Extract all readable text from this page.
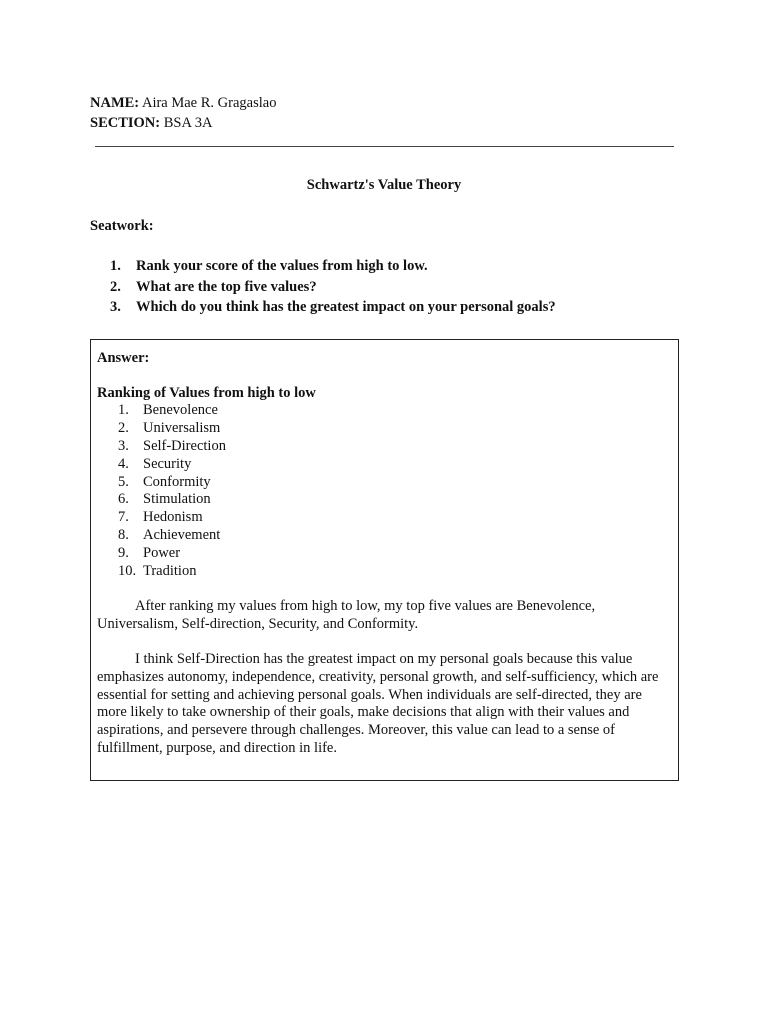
NAME: Aira Mae R. Gragaslao
SECTION: BSA 3A
Schwartz's Value Theory
Seatwork:
1. Rank your score of the values from high to low.
2. What are the top five values?
3. Which do you think has the greatest impact on your personal goals?
Answer:
Ranking of Values from high to low
1. Benevolence
2. Universalism
3. Self-Direction
4. Security
5. Conformity
6. Stimulation
7. Hedonism
8. Achievement
9. Power
10. Tradition
After ranking my values from high to low, my top five values are Benevolence, Universalism, Self-direction, Security, and Conformity.
I think Self-Direction has the greatest impact on my personal goals because this value emphasizes autonomy, independence, creativity, personal growth, and self-sufficiency, which are essential for setting and achieving personal goals. When individuals are self-directed, they are more likely to take ownership of their goals, make decisions that align with their values and aspirations, and persevere through challenges. Moreover, this value can lead to a sense of fulfillment, purpose, and direction in life.
